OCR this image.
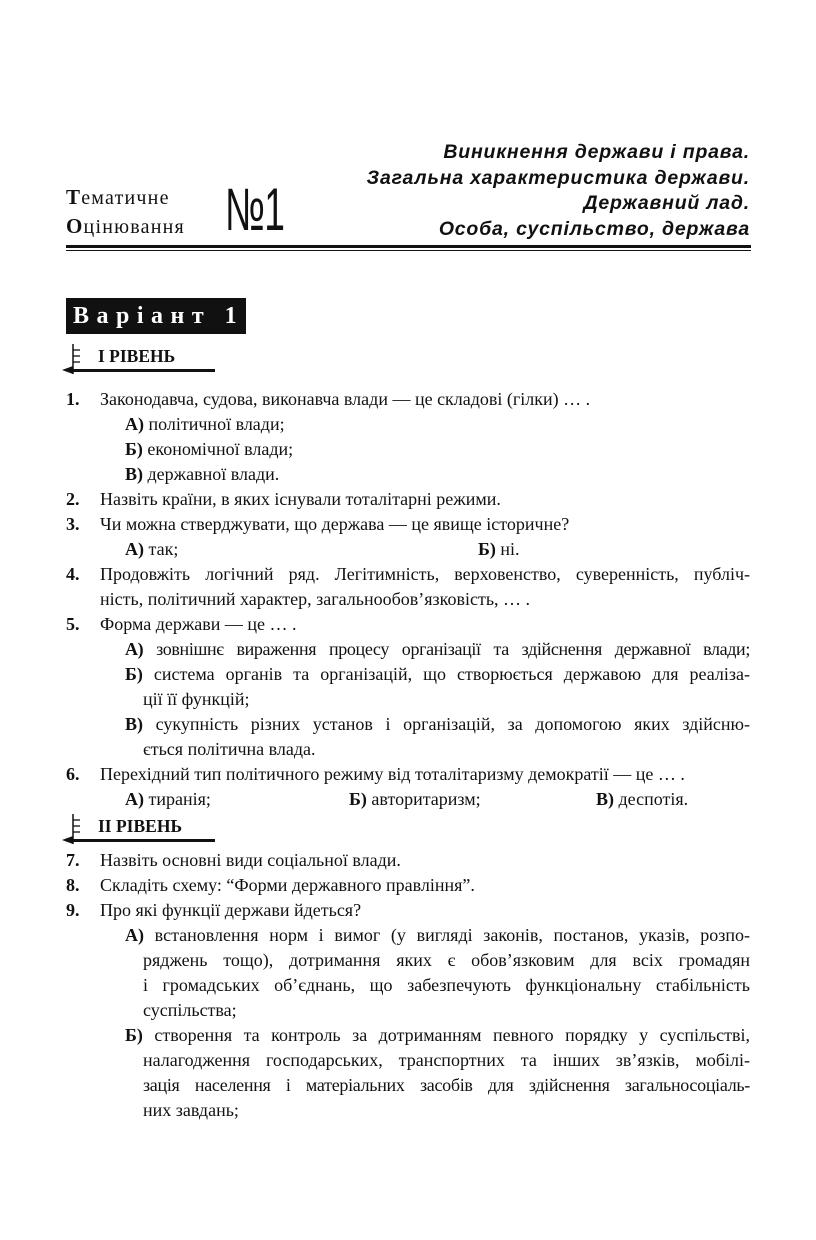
Виникнення держави і права.
Загальна характеристика держави.
Державний лад.
Особа, суспільство, держава
Тематичне
Оцінювання №1
Варіант 1
І РІВЕНЬ
1. Законодавча, судова, виконавча влади — це складові (гілки) … .
А) політичної влади;
Б) економічної влади;
В) державної влади.
2. Назвіть країни, в яких існували тоталітарні режими.
3. Чи можна стверджувати, що держава — це явище історичне?
А) так;	Б) ні.
4. Продовжіть логічний ряд. Легітимність, верховенство, суверенність, публіч-
ність, політичний характер, загальнообов’язковість, … .
5. Форма держави — це … .
А) зовнішнє вираження процесу організації та здійснення державної влади;
Б) система органів та організацій, що створюється державою для реаліза-
ції її функцій;
В) сукупність різних установ і організацій, за допомогою яких здійсню-
ється політична влада.
6. Перехідний тип політичного режиму від тоталітаризму демократії — це … .
А) тиранія;	Б) авторитаризм;	В) деспотія.
ІІ РІВЕНЬ
7. Назвіть основні види соціальної влади.
8. Складіть схему: “Форми державного правління”.
9. Про які функції держави йдеться?
А) встановлення норм і вимог (у вигляді законів, постанов, указів, розпо-
ряджень тощо), дотримання яких є обов’язковим для всіх громадян
і громадських об’єднань, що забезпечують функціональну стабільність
суспільства;
Б) створення та контроль за дотриманням певного порядку у суспільстві,
налагодження господарських, транспортних та інших зв’язків, мобілі-
зація населення і матеріальних засобів для здійснення загальносоціаль-
них завдань;
